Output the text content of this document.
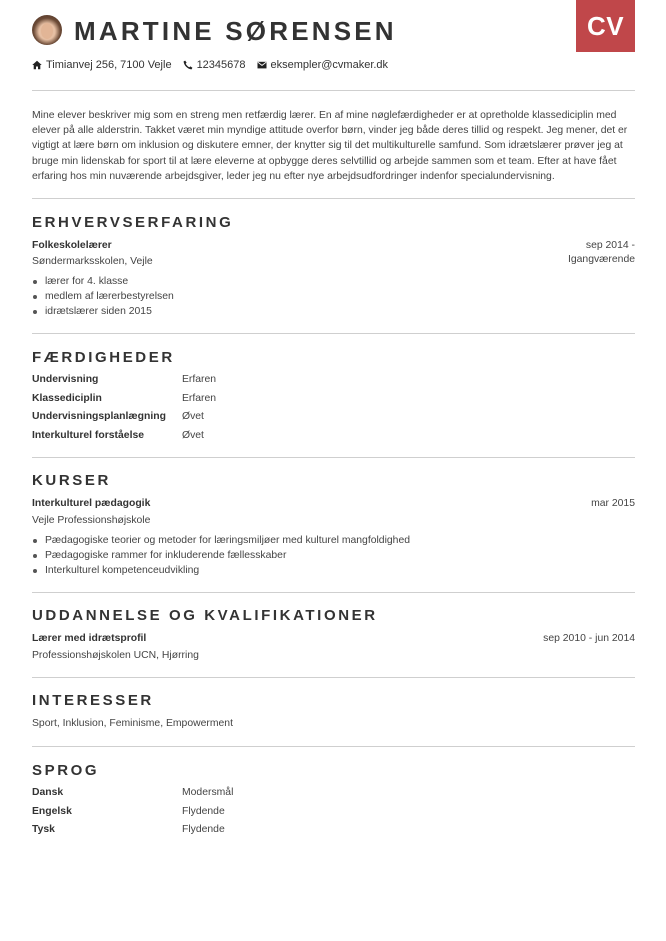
MARTINE SØRENSEN
Timianvej 256, 7100 Vejle 12345678 eksempler@cvmaker.dk
CV
Mine elever beskriver mig som en streng men retfærdig lærer. En af mine nøglefærdigheder er at opretholde klassediciplin med elever på alle alderstrin. Takket været min myndige attitude overfor børn, vinder jeg både deres tillid og respekt. Jeg mener, det er vigtigt at lære børn om inklusion og diskutere emner, der knytter sig til det multikulturelle samfund. Som idrætslærer prøver jeg at bruge min lidenskab for sport til at lære eleverne at opbygge deres selvtillid og arbejde sammen som et team. Efter at have fået erfaring hos min nuværende arbejdsgiver, leder jeg nu efter nye arbejdsudfordringer indenfor specialundervisning.
ERHVERVSERFARING
Folkeskolelærer
Søndermarksskolen, Vejle
sep 2014 -
Igangværende
lærer for 4. klasse
medlem af lærerbestyrelsen
idrætslærer siden 2015
FÆRDIGHEDER
Undervisning	Erfaren
Klassediciplin	Erfaren
Undervisningsplanlægning	Øvet
Interkulturel forståelse	Øvet
KURSER
Interkulturel pædagogik
Vejle Professionshøjskole
mar 2015
Pædagogiske teorier og metoder for læringsmiljøer med kulturel mangfoldighed
Pædagogiske rammer for inkluderende fællesskaber
Interkulturel kompetenceudvikling
UDDANNELSE OG KVALIFIKATIONER
Lærer med idrætsprofil
Professionshøjskolen UCN, Hjørring
sep 2010 - jun 2014
INTERESSER
Sport, Inklusion, Feminisme, Empowerment
SPROG
Dansk	Modersmål
Engelsk	Flydende
Tysk	Flydende
